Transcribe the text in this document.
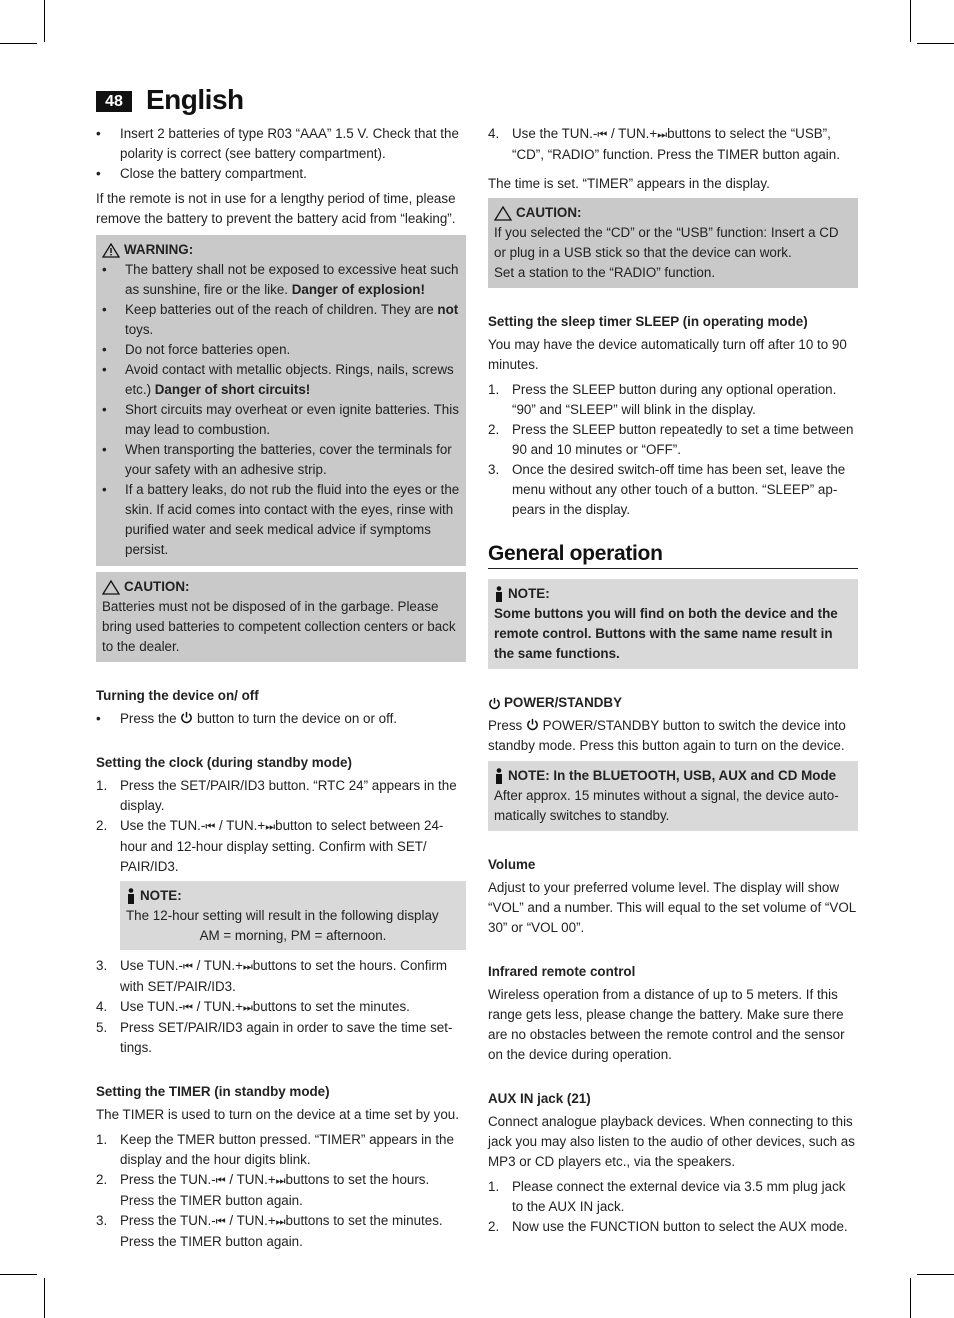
48 English
•	Insert 2 batteries of type R03 “AAA” 1.5 V. Check that the polarity is correct (see battery compartment).
•	Close the battery compartment.
If the remote is not in use for a lengthy period of time, please remove the battery to prevent the battery acid from “leaking”.
WARNING:
•	The battery shall not be exposed to excessive heat such as sunshine, fire or the like. Danger of explosion!
•	Keep batteries out of the reach of children. They are not toys.
•	Do not force batteries open.
•	Avoid contact with metallic objects. Rings, nails, screws etc.) Danger of short circuits!
•	Short circuits may overheat or even ignite batteries. This may lead to combustion.
•	When transporting the batteries, cover the terminals for your safety with an adhesive strip.
•	If a battery leaks, do not rub the fluid into the eyes or the skin. If acid comes into contact with the eyes, rinse with purified water and seek medical advice if symptoms persist.
CAUTION:
Batteries must not be disposed of in the garbage. Please bring used batteries to competent collection centers or back to the dealer.
Turning the device on/ off
•	Press the  button to turn the device on or off.
Setting the clock (during standby mode)
1. Press the SET/PAIR/ID3 button. “RTC 24” appears in the display.
2. Use the TUN.-⏮ / TUN.+⏭ button to select between 24-hour and 12-hour display setting. Confirm with SET/ PAIR/ID3.
NOTE:
The 12-hour setting will result in the following display
AM = morning, PM = afternoon.
3. Use TUN.-⏮ / TUN.+⏭ buttons to set the hours. Confirm with SET/PAIR/ID3.
4. Use TUN.-⏮ / TUN.+⏭ buttons to set the minutes.
5. Press SET/PAIR/ID3 again in order to save the time settings.
Setting the TIMER (in standby mode)
The TIMER is used to turn on the device at a time set by you.
1. Keep the TMER button pressed. “TIMER” appears in the display and the hour digits blink.
2. Press the TUN.-⏮ / TUN.+⏭ buttons to set the hours. Press the TIMER button again.
3. Press the TUN.-⏮ / TUN.+⏭ buttons to set the minutes. Press the TIMER button again.
4. Use the TUN.-⏮ / TUN.+⏭ buttons to select the “USB”, “CD”, “RADIO” function. Press the TIMER button again.
The time is set. “TIMER” appears in the display.
CAUTION:
If you selected the “CD” or the “USB” function: Insert a CD or plug in a USB stick so that the device can work.
Set a station to the “RADIO” function.
Setting the sleep timer SLEEP (in operating mode)
You may have the device automatically turn off after 10 to 90 minutes.
1. Press the SLEEP button during any optional operation. “90” and “SLEEP” will blink in the display.
2. Press the SLEEP button repeatedly to set a time between 90 and 10 minutes or “OFF”.
3. Once the desired switch-off time has been set, leave the menu without any other touch of a button. “SLEEP” appears in the display.
General operation
NOTE:
Some buttons you will find on both the device and the remote control. Buttons with the same name result in the same functions.
POWER/STANDBY
Press  POWER/STANDBY button to switch the device into standby mode. Press this button again to turn on the device.
NOTE: In the BLUETOOTH, USB, AUX and CD Mode
After approx. 15 minutes without a signal, the device automatically switches to standby.
Volume
Adjust to your preferred volume level. The display will show “VOL” and a number. This will equal to the set volume of “VOL 30” or “VOL 00”.
Infrared remote control
Wireless operation from a distance of up to 5 meters. If this range gets less, please change the battery. Make sure there are no obstacles between the remote control and the sensor on the device during operation.
AUX IN jack (21)
Connect analogue playback devices. When connecting to this jack you may also listen to the audio of other devices, such as MP3 or CD players etc., via the speakers.
1. Please connect the external device via 3.5 mm plug jack to the AUX IN jack.
2. Now use the FUNCTION button to select the AUX mode.
